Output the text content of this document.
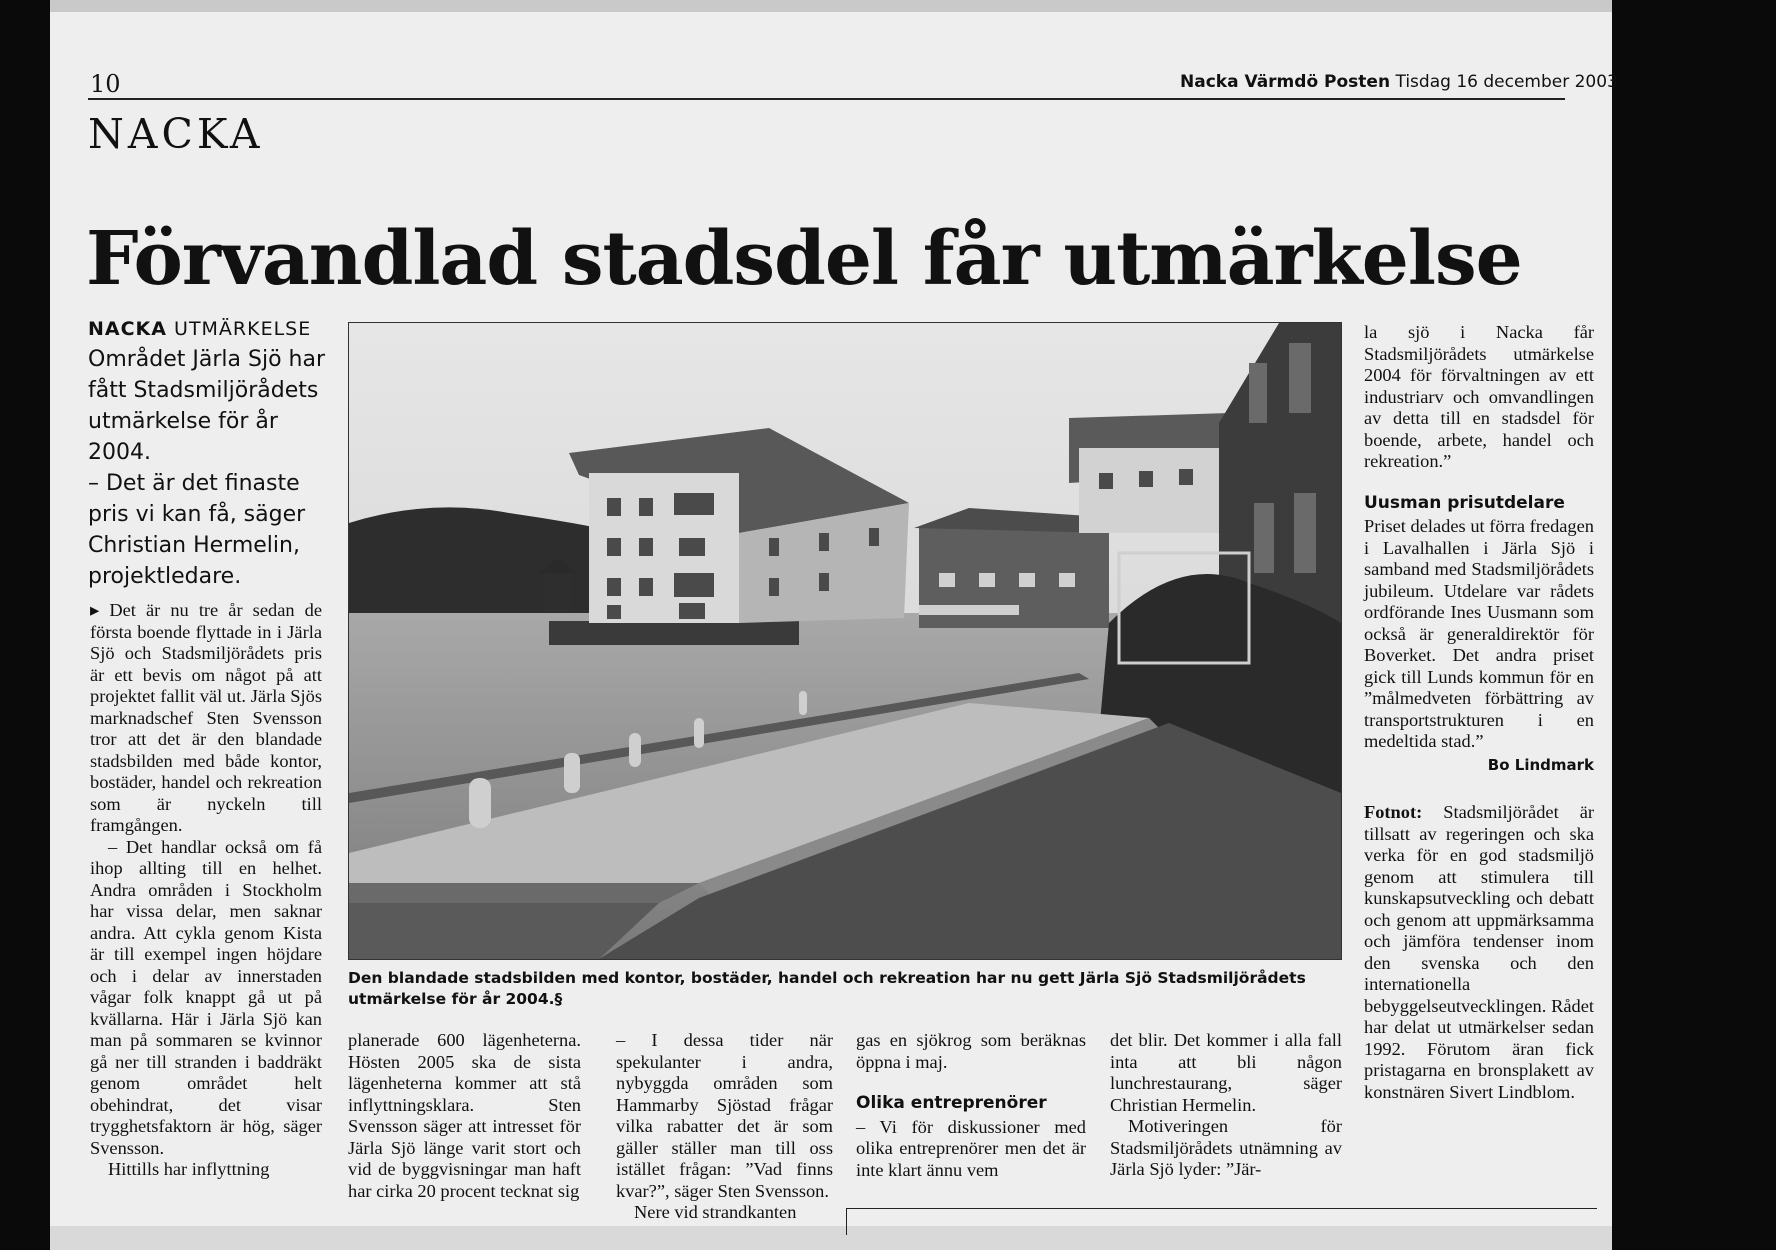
10	Nacka Värmdö Posten Tisdag 16 december 2003
NACKA
Förvandlad stadsdel får utmärkelse
NACKA UTMÄRKELSE

Området Järla Sjö har fått Stadsmiljörådets utmärkelse för år 2004.

– Det är det finaste pris vi kan få, säger Christian Hermelin, projektledare.

▸ Det är nu tre år sedan de första boende flyttade in i Järla Sjö och Stadsmiljörådets pris är ett bevis om något på att projektet fallit väl ut. Järla Sjös marknadschef Sten Svensson tror att det är den blandade stadsbilden med både kontor, bostäder, handel och rekreation som är nyckeln till framgången.

– Det handlar också om få ihop allting till en helhet. Andra områden i Stockholm har vissa delar, men saknar andra. Att cykla genom Kista är till exempel ingen höjdare och i delar av innerstaden vågar folk knappt gå ut på kvällarna. Här i Järla Sjö kan man på sommaren se kvinnor gå ner till stranden i baddräkt genom området helt obehindrat, det visar trygghetsfaktorn är hög, säger Svensson.

Hittills har inflyttning

Den blandade stadsbilden med kontor, bostäder, handel och rekreation har nu gett Järla Sjö Stadsmiljörådets utmärkelse för år 2004.§

planerade 600 lägenheterna. Hösten 2005 ska de sista lägenheterna kommer att stå inflyttningsklara. Sten Svensson säger att intresset för Järla Sjö länge varit stort och vid de byggvisningar man haft har cirka 20 procent tecknat sig

– I dessa tider när spekulanter i andra, nybyggda områden som Hammarby Sjöstad frågar vilka rabatter det är som gäller ställer man till oss istället frågan: ”Vad finns kvar?”, säger Sten Svensson.

Nere vid strandkanten

gas en sjökrog som beräknas öppna i maj.

Olika entreprenörer

– Vi för diskussioner med olika entreprenörer men det är inte klart ännu vem

det blir. Det kommer i alla fall inta att bli någon lunchrestaurang, säger Christian Hermelin.

Motiveringen för Stadsmiljörådets utnämning av Järla Sjö lyder: ”Jär-

la sjö i Nacka får Stadsmiljörådets utmärkelse 2004 för förvaltningen av ett industriarv och omvandlingen av detta till en stadsdel för boende, arbete, handel och rekreation.”

Uusman prisutdelare

Priset delades ut förra fredagen i Lavalhallen i Järla Sjö i samband med Stadsmiljörådets jubileum. Utdelare var rådets ordförande Ines Uusmann som också är generaldirektör för Boverket. Det andra priset gick till Lunds kommun för en ”målmedveten förbättring av transportstrukturen i en medeltida stad.”

Bo Lindmark

Fotnot: Stadsmiljörådet är tillsatt av regeringen och ska verka för en god stadsmiljö genom att stimulera till kunskapsutveckling och debatt och genom att uppmärksamma och jämföra tendenser inom den svenska och den internationella bebyggelseutvecklingen. Rådet har delat ut utmärkelser sedan 1992. Förutom äran fick pristagarna en bronsplakett av konstnären Sivert Lindblom.
